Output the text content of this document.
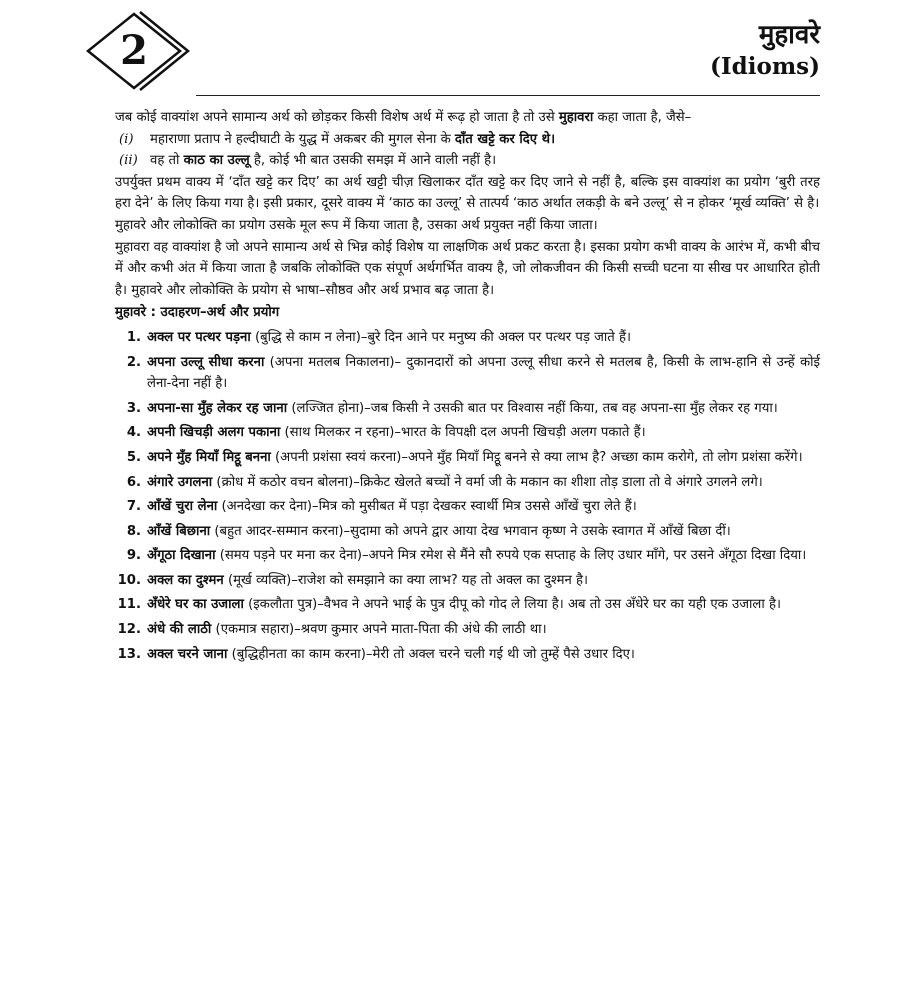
2	मुहावरे
(Idioms)
जब कोई वाक्यांश अपने सामान्य अर्थ को छोड़कर किसी विशेष अर्थ में रूढ़ हो जाता है तो उसे मुहावरा कहा जाता है, जैसे–
(i)	महाराणा प्रताप ने हल्दीघाटी के युद्ध में अकबर की मुगल सेना के दाँत खट्टे कर दिए थे।
(ii) वह तो काठ का उल्लू है, कोई भी बात उसकी समझ में आने वाली नहीं है।
उपर्युक्त प्रथम वाक्य में ‘दाँत खट्टे कर दिए’ का अर्थ खट्टी चीज़ खिलाकर दाँत खट्टे कर दिए जाने से नहीं है, बल्कि इस वाक्यांश का प्रयोग ‘बुरी तरह हरा देने’ के लिए किया गया है। इसी प्रकार, दूसरे वाक्य में ‘काठ का उल्लू’ से तात्पर्य ‘काठ अर्थात लकड़ी के बने उल्लू’ से न होकर ‘मूर्ख व्यक्ति’ से है।
मुहावरे और लोकोक्ति का प्रयोग उसके मूल रूप में किया जाता है, उसका अर्थ प्रयुक्त नहीं किया जाता।
मुहावरा वह वाक्यांश है जो अपने सामान्य अर्थ से भिन्न कोई विशेष या लाक्षणिक अर्थ प्रकट करता है। इसका प्रयोग कभी वाक्य के आरंभ में, कभी बीच में और कभी अंत में किया जाता है जबकि लोकोक्ति एक संपूर्ण अर्थगर्भित वाक्य है, जो लोकजीवन की किसी सच्ची घटना या सीख पर आधारित होती है। मुहावरे और लोकोक्ति के प्रयोग से भाषा–सौष्ठव और अर्थ प्रभाव बढ़ जाता है।
मुहावरे : उदाहरण–अर्थ और प्रयोग
1. अक्ल पर पत्थर पड़ना (बुद्धि से काम न लेना)–बुरे दिन आने पर मनुष्य की अक्ल पर पत्थर पड़ जाते हैं।
2. अपना उल्लू सीधा करना (अपना मतलब निकालना)– दुकानदारों को अपना उल्लू सीधा करने से मतलब है, किसी के लाभ-हानि से उन्हें कोई लेना-देना नहीं है।
3. अपना-सा मुँह लेकर रह जाना (लज्जित होना)–जब किसी ने उसकी बात पर विश्वास नहीं किया, तब वह अपना-सा मुँह लेकर रह गया।
4. अपनी खिचड़ी अलग पकाना (साथ मिलकर न रहना)–भारत के विपक्षी दल अपनी खिचड़ी अलग पकाते हैं।
5. अपने मुँह मियाँ मिट्ठू बनना (अपनी प्रशंसा स्वयं करना)–अपने मुँह मियाँ मिट्ठू बनने से क्या लाभ है? अच्छा काम करोगे, तो लोग प्रशंसा करेंगे।
6. अंगारे उगलना (क्रोध में कठोर वचन बोलना)–क्रिकेट खेलते बच्चों ने वर्मा जी के मकान का शीशा तोड़ डाला तो वे अंगारे उगलने लगे।
7. आँखें चुरा लेना (अनदेखा कर देना)–मित्र को मुसीबत में पड़ा देखकर स्वार्थी मित्र उससे आँखें चुरा लेते हैं।
8. आँखें बिछाना (बहुत आदर-सम्मान करना)–सुदामा को अपने द्वार आया देख भगवान कृष्ण ने उसके स्वागत में आँखें बिछा दीं।
9. अँगूठा दिखाना (समय पड़ने पर मना कर देना)–अपने मित्र रमेश से मैंने सौ रुपये एक सप्ताह के लिए उधार माँगे, पर उसने अँगूठा दिखा दिया।
10. अक्ल का दुश्मन (मूर्ख व्यक्ति)–राजेश को समझाने का क्या लाभ? यह तो अक्ल का दुश्मन है।
11. अँधेरे घर का उजाला (इकलौता पुत्र)–वैभव ने अपने भाई के पुत्र दीपू को गोद ले लिया है। अब तो उस अँधेरे घर का यही एक उजाला है।
12. अंधे की लाठी (एकमात्र सहारा)–श्रवण कुमार अपने माता-पिता की अंधे की लाठी था।
13. अक्ल चरने जाना (बुद्धिहीनता का काम करना)–मेरी तो अक्ल चरने चली गई थी जो तुम्हें पैसे उधार दिए।
